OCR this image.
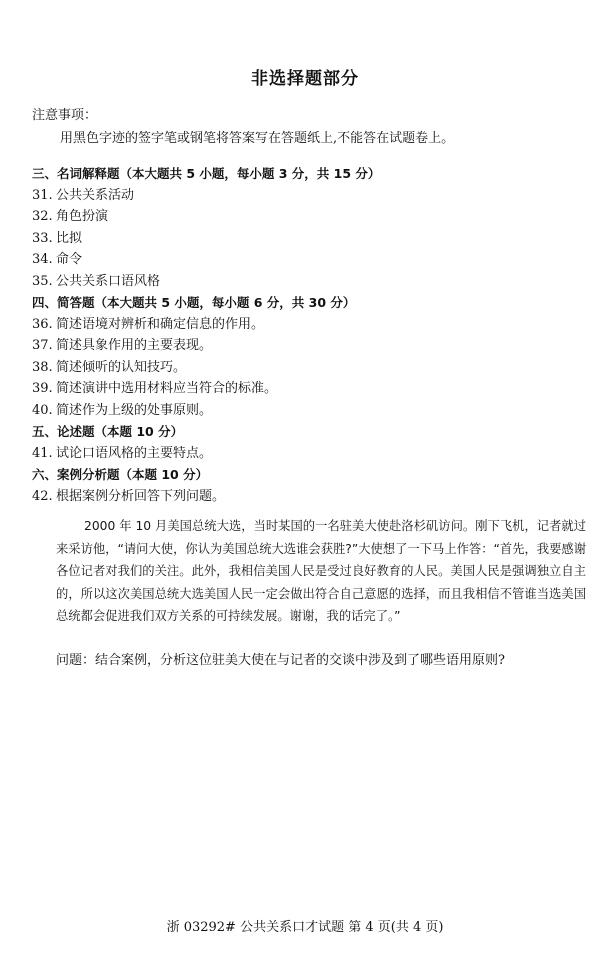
非选择题部分
注意事项：
用黑色字迹的签字笔或钢笔将答案写在答题纸上,不能答在试题卷上。
三、名词解释题（本大题共 5 小题，每小题 3 分，共 15 分）
31. 公共关系活动
32. 角色扮演
33. 比拟
34. 命令
35. 公共关系口语风格
四、简答题（本大题共 5 小题，每小题 6 分，共 30 分）
36. 简述语境对辨析和确定信息的作用。
37. 简述具象作用的主要表现。
38. 简述倾听的认知技巧。
39. 简述演讲中选用材料应当符合的标准。
40. 简述作为上级的处事原则。
五、论述题（本题 10 分）
41. 试论口语风格的主要特点。
六、案例分析题（本题 10 分）
42. 根据案例分析回答下列问题。
2000 年 10 月美国总统大选，当时某国的一名驻美大使赴洛杉矶访问。刚下飞机，记者就过来采访他，“请问大使，你认为美国总统大选谁会获胜?”大使想了一下马上作答：“首先，我要感谢各位记者对我们的关注。此外，我相信美国人民是受过良好教育的人民。美国人民是强调独立自主的，所以这次美国总统大选美国人民一定会做出符合自己意愿的选择，而且我相信不管谁当选美国总统都会促进我们双方关系的可持续发展。谢谢，我的话完了。”
问题：结合案例，分析这位驻美大使在与记者的交谈中涉及到了哪些语用原则?
浙 03292# 公共关系口才试题 第 4 页(共 4 页)
